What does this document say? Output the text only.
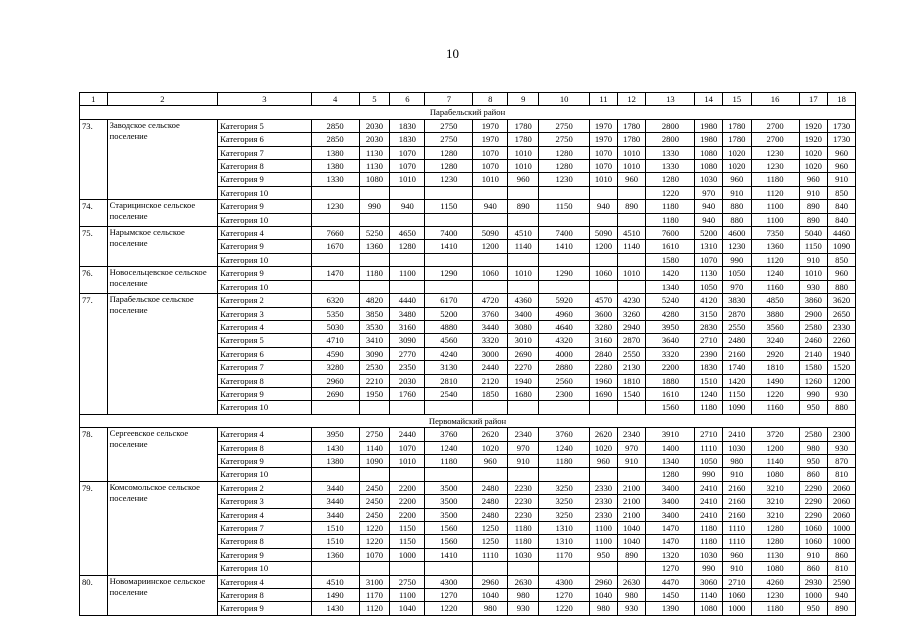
10
1	2	3	4	5	6	7	8	9	10	11	12	13	14	15	16	17	18
Парабельский район																	
73.	Заводское сельское поселение	Категория 5	2850	2030	1830	2750	1970	1780	2750	1970	1780	2800	1980	1780	2700	1920	1730
		Категория 6	2850	2030	1830	2750	1970	1780	2750	1970	1780	2800	1980	1780	2700	1920	1730
		Категория 7	1380	1130	1070	1280	1070	1010	1280	1070	1010	1330	1080	1020	1230	1020	960
		Категория 8	1380	1130	1070	1280	1070	1010	1280	1070	1010	1330	1080	1020	1230	1020	960
		Категория 9	1330	1080	1010	1230	1010	960	1230	1010	960	1280	1030	960	1180	960	910
		Категория 10										1220	970	910	1120	910	850
74.	Старицинское сельское поселение	Категория 9	1230	990	940	1150	940	890	1150	940	890	1180	940	880	1100	890	840
		Категория 10										1180	940	880	1100	890	840
75.	Нарымское сельское поселение	Категория 4	7660	5250	4650	7400	5090	4510	7400	5090	4510	7600	5200	4600	7350	5040	4460
		Категория 9	1670	1360	1280	1410	1200	1140	1410	1200	1140	1610	1310	1230	1360	1150	1090
		Категория 10										1580	1070	990	1120	910	850
76.	Новосельцевское сельское поселение	Категория 9	1470	1180	1100	1290	1060	1010	1290	1060	1010	1420	1130	1050	1240	1010	960
		Категория 10										1340	1050	970	1160	930	880
77.	Парабельское сельское поселение	Категория 2	6320	4820	4440	6170	4720	4360	5920	4570	4230	5240	4120	3830	4850	3860	3620
		Категория 3	5350	3850	3480	5200	3760	3400	4960	3600	3260	4280	3150	2870	3880	2900	2650
		Категория 4	5030	3530	3160	4880	3440	3080	4640	3280	2940	3950	2830	2550	3560	2580	2330
		Категория 5	4710	3410	3090	4560	3320	3010	4320	3160	2870	3640	2710	2480	3240	2460	2260
		Категория 6	4590	3090	2770	4240	3000	2690	4000	2840	2550	3320	2390	2160	2920	2140	1940
		Категория 7	3280	2530	2350	3130	2440	2270	2880	2280	2130	2200	1830	1740	1810	1580	1520
		Категория 8	2960	2210	2030	2810	2120	1940	2560	1960	1810	1880	1510	1420	1490	1260	1200
		Категория 9	2690	1950	1760	2540	1850	1680	2300	1690	1540	1610	1240	1150	1220	990	930
		Категория 10										1560	1180	1090	1160	950	880
Первомайский район																	
78.	Сергеевское сельское поселение	Категория 4	3950	2750	2440	3760	2620	2340	3760	2620	2340	3910	2710	2410	3720	2580	2300
		Категория 8	1430	1140	1070	1240	1020	970	1240	1020	970	1400	1110	1030	1200	980	930
		Категория 9	1380	1090	1010	1180	960	910	1180	960	910	1340	1050	980	1140	950	870
		Категория 10										1280	990	910	1080	860	810
79.	Комсомольское сельское поселение	Категория 2	3440	2450	2200	3500	2480	2230	3250	2330	2100	3400	2410	2160	3210	2290	2060
		Категория 3	3440	2450	2200	3500	2480	2230	3250	2330	2100	3400	2410	2160	3210	2290	2060
		Категория 4	3440	2450	2200	3500	2480	2230	3250	2330	2100	3400	2410	2160	3210	2290	2060
		Категория 7	1510	1220	1150	1560	1250	1180	1310	1100	1040	1470	1180	1110	1280	1060	1000
		Категория 8	1510	1220	1150	1560	1250	1180	1310	1100	1040	1470	1180	1110	1280	1060	1000
		Категория 9	1360	1070	1000	1410	1110	1030	1170	950	890	1320	1030	960	1130	910	860
		Категория 10										1270	990	910	1080	860	810
80.	Новомариинское сельское поселение	Категория 4	4510	3100	2750	4300	2960	2630	4300	2960	2630	4470	3060	2710	4260	2930	2590
		Категория 8	1490	1170	1100	1270	1040	980	1270	1040	980	1450	1140	1060	1230	1000	940
		Категория 9	1430	1120	1040	1220	980	930	1220	980	930	1390	1080	1000	1180	950	890
